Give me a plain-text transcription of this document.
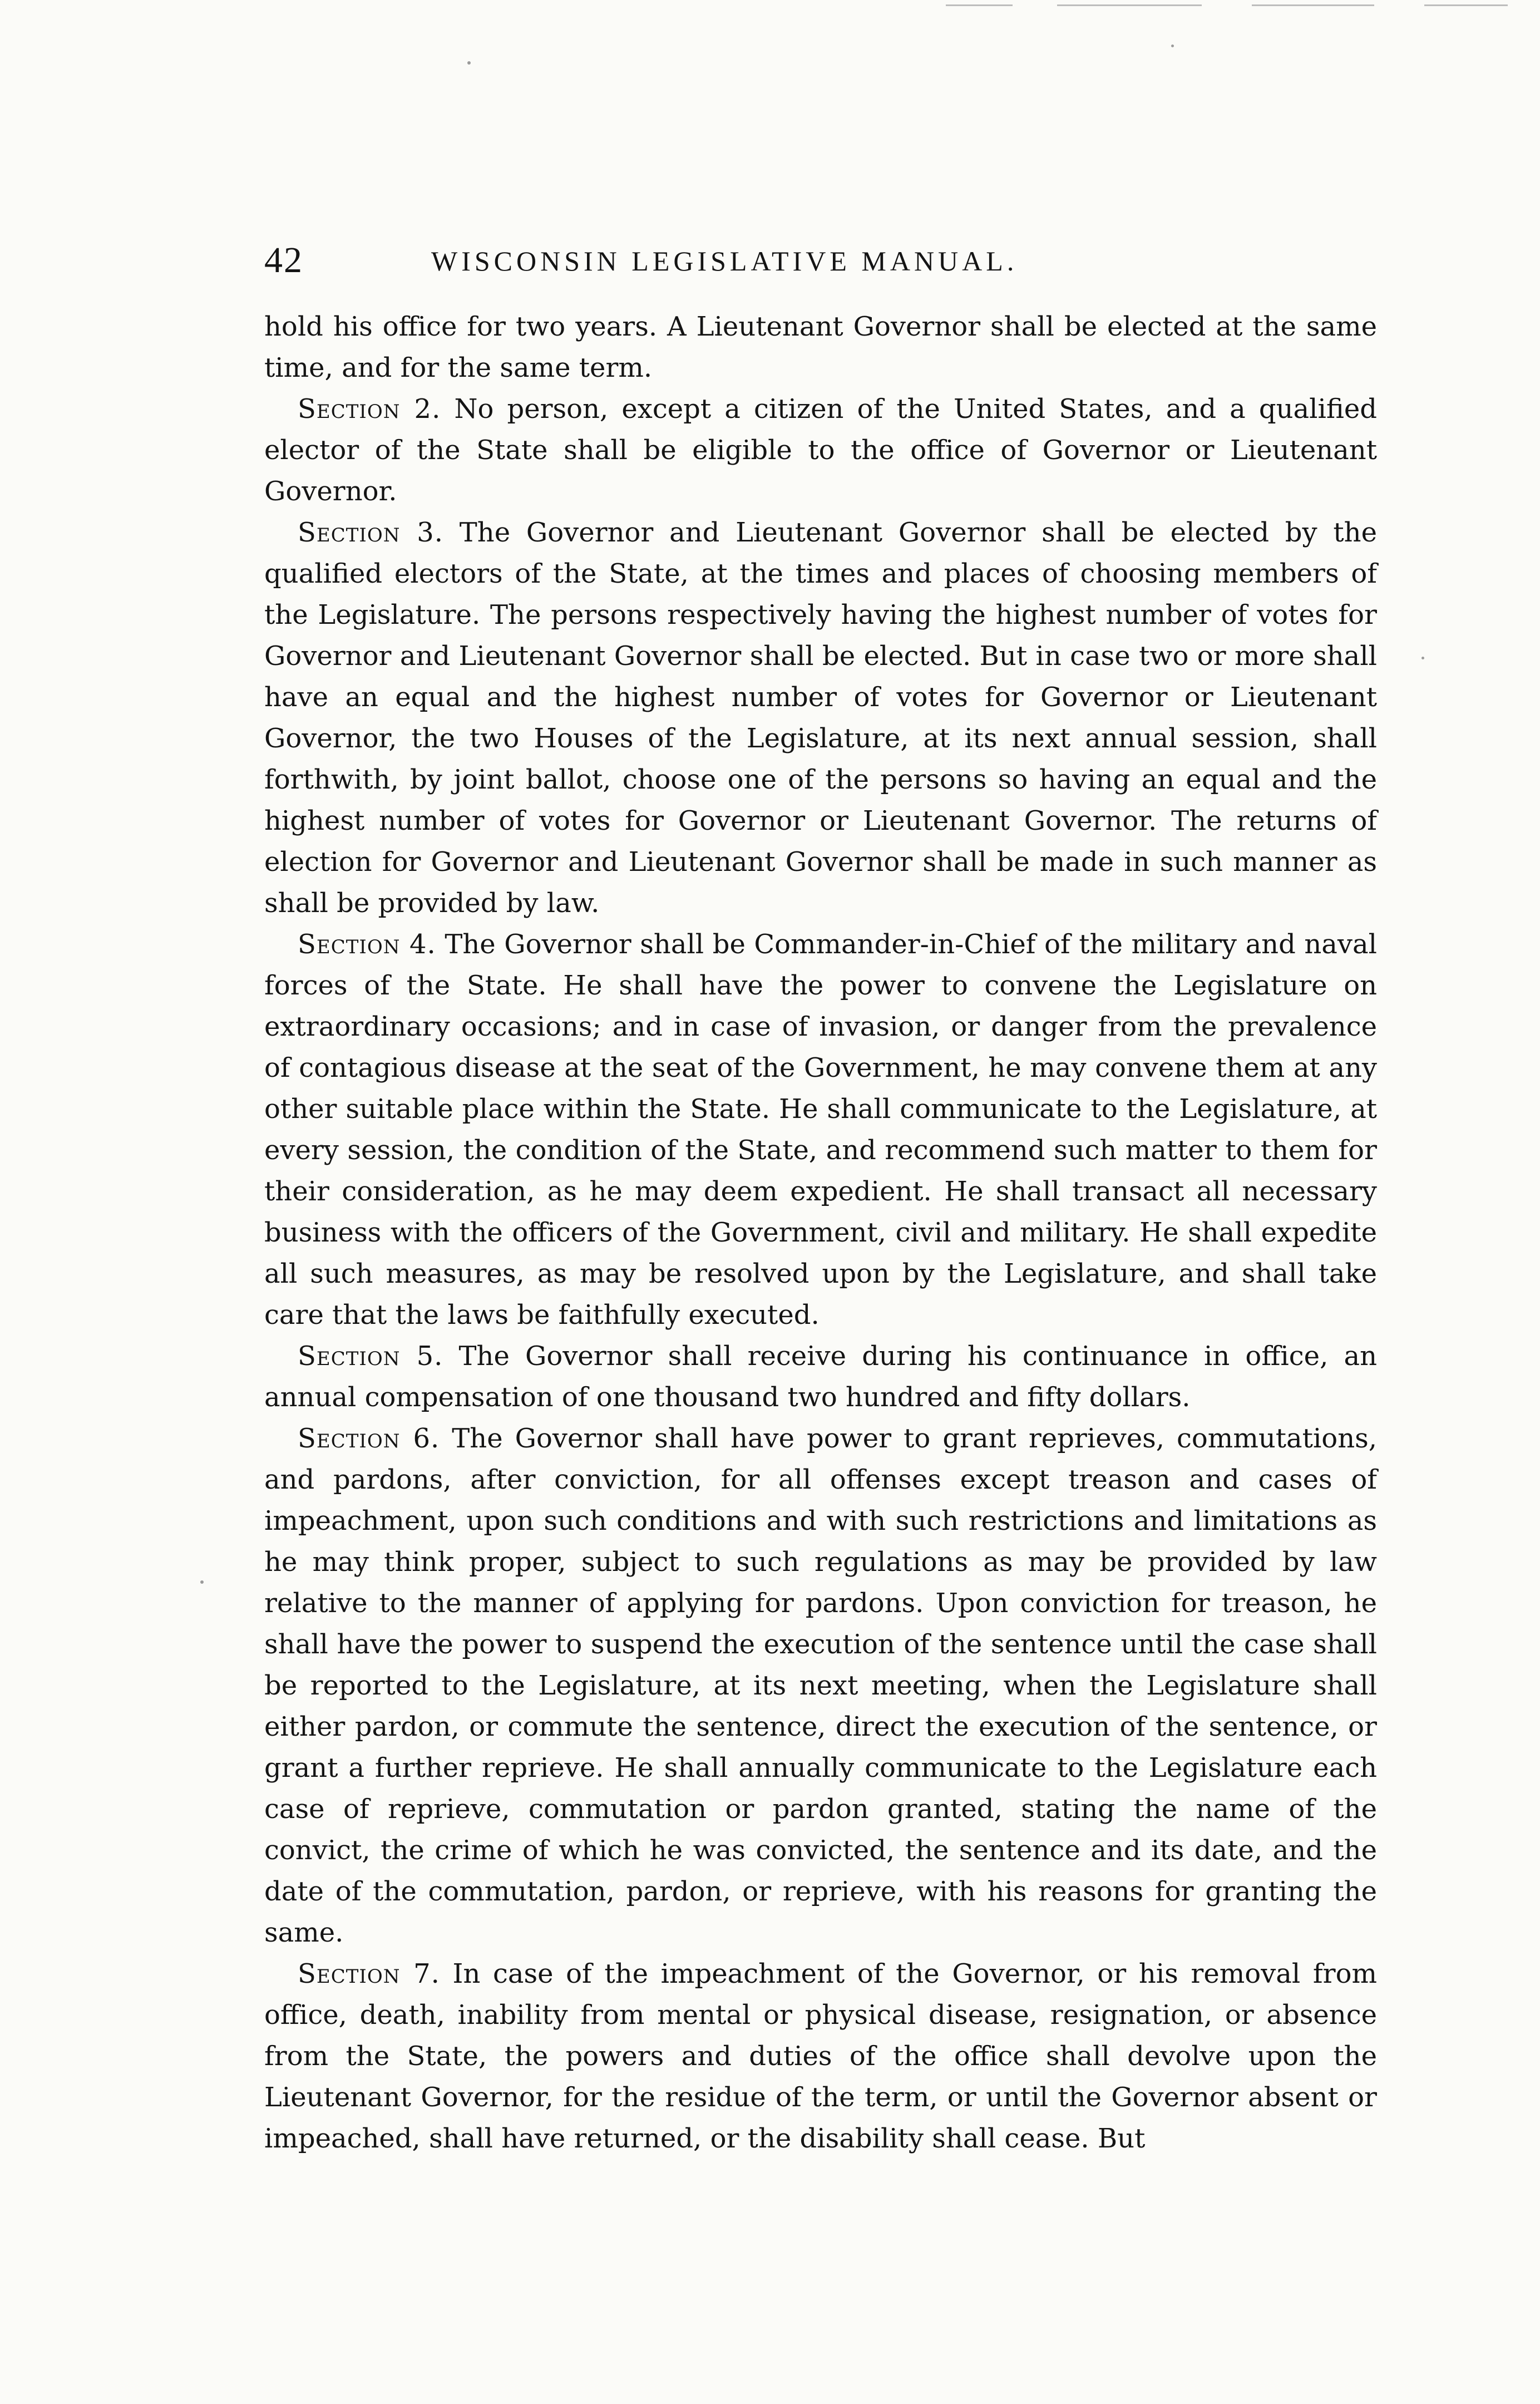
42	WISCONSIN LEGISLATIVE MANUAL.

hold his office for two years. A Lieutenant Governor shall be elected at the same time, and for the same term.

Section 2. No person, except a citizen of the United States, and a qualified elector of the State shall be eligible to the office of Governor or Lieutenant Governor.

Section 3. The Governor and Lieutenant Governor shall be elected by the qualified electors of the State, at the times and places of choosing members of the Legislature. The persons respectively having the highest number of votes for Governor and Lieutenant Governor shall be elected. But in case two or more shall have an equal and the highest number of votes for Governor or Lieutenant Governor, the two Houses of the Legislature, at its next annual session, shall forthwith, by joint ballot, choose one of the persons so having an equal and the highest number of votes for Governor or Lieutenant Governor. The returns of election for Governor and Lieutenant Governor shall be made in such manner as shall be provided by law.

Section 4. The Governor shall be Commander-in-Chief of the military and naval forces of the State. He shall have the power to convene the Legislature on extraordinary occasions; and in case of invasion, or danger from the prevalence of contagious disease at the seat of the Government, he may convene them at any other suitable place within the State. He shall communicate to the Legislature, at every session, the condition of the State, and recommend such matter to them for their consideration, as he may deem expedient. He shall transact all necessary business with the officers of the Government, civil and military. He shall expedite all such measures, as may be resolved upon by the Legislature, and shall take care that the laws be faithfully executed.

Section 5. The Governor shall receive during his continuance in office, an annual compensation of one thousand two hundred and fifty dollars.

Section 6. The Governor shall have power to grant reprieves, commutations, and pardons, after conviction, for all offenses except treason and cases of impeachment, upon such conditions and with such restrictions and limitations as he may think proper, subject to such regulations as may be provided by law relative to the manner of applying for pardons. Upon conviction for treason, he shall have the power to suspend the execution of the sentence until the case shall be reported to the Legislature, at its next meeting, when the Legislature shall either pardon, or commute the sentence, direct the execution of the sentence, or grant a further reprieve. He shall annually communicate to the Legislature each case of reprieve, commutation or pardon granted, stating the name of the convict, the crime of which he was convicted, the sentence and its date, and the date of the commutation, pardon, or reprieve, with his reasons for granting the same.

Section 7. In case of the impeachment of the Governor, or his removal from office, death, inability from mental or physical disease, resignation, or absence from the State, the powers and duties of the office shall devolve upon the Lieutenant Governor, for the residue of the term, or until the Governor absent or impeached, shall have returned, or the disability shall cease. But
